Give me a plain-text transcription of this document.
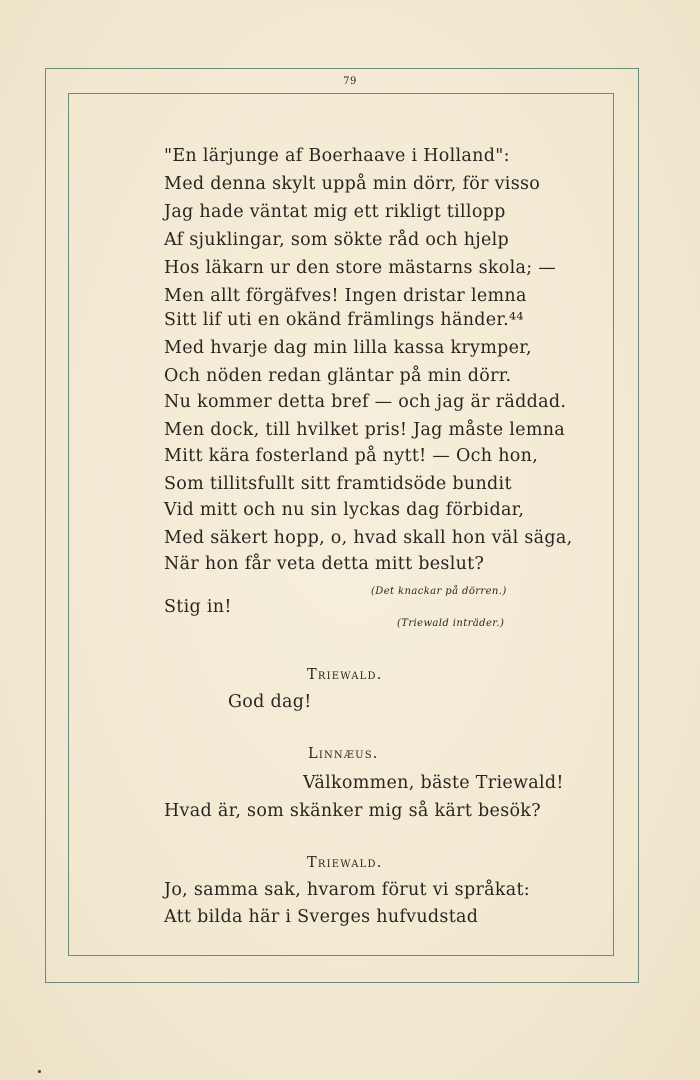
79
"En lärjunge af Boerhaave i Holland":
Med denna skylt uppå min dörr, för visso
Jag hade väntat mig ett rikligt tillopp
Af sjuklingar, som sökte råd och hjelp
Hos läkarn ur den store mästarns skola; —
Men allt förgäfves! Ingen dristar lemna
Sitt lif uti en okänd främlings händer.⁴⁴
Med hvarje dag min lilla kassa krymper,
Och nöden redan gläntar på min dörr.
Nu kommer detta bref — och jag är räddad.
Men dock, till hvilket pris! Jag måste lemna
Mitt kära fosterland på nytt! — Och hon,
Som tillitsfullt sitt framtidsöde bundit
Vid mitt och nu sin lyckas dag förbidar,
Med säkert hopp, o, hvad skall hon väl säga,
När hon får veta detta mitt beslut?
(Det knackar på dörren.)
Stig in!
(Triewald inträder.)
Triewald.
God dag!
Linnæus.
Välkommen, bäste Triewald!
Hvad är, som skänker mig så kärt besök?
Triewald.
Jo, samma sak, hvarom förut vi språkat:
Att bilda här i Sverges hufvudstad
